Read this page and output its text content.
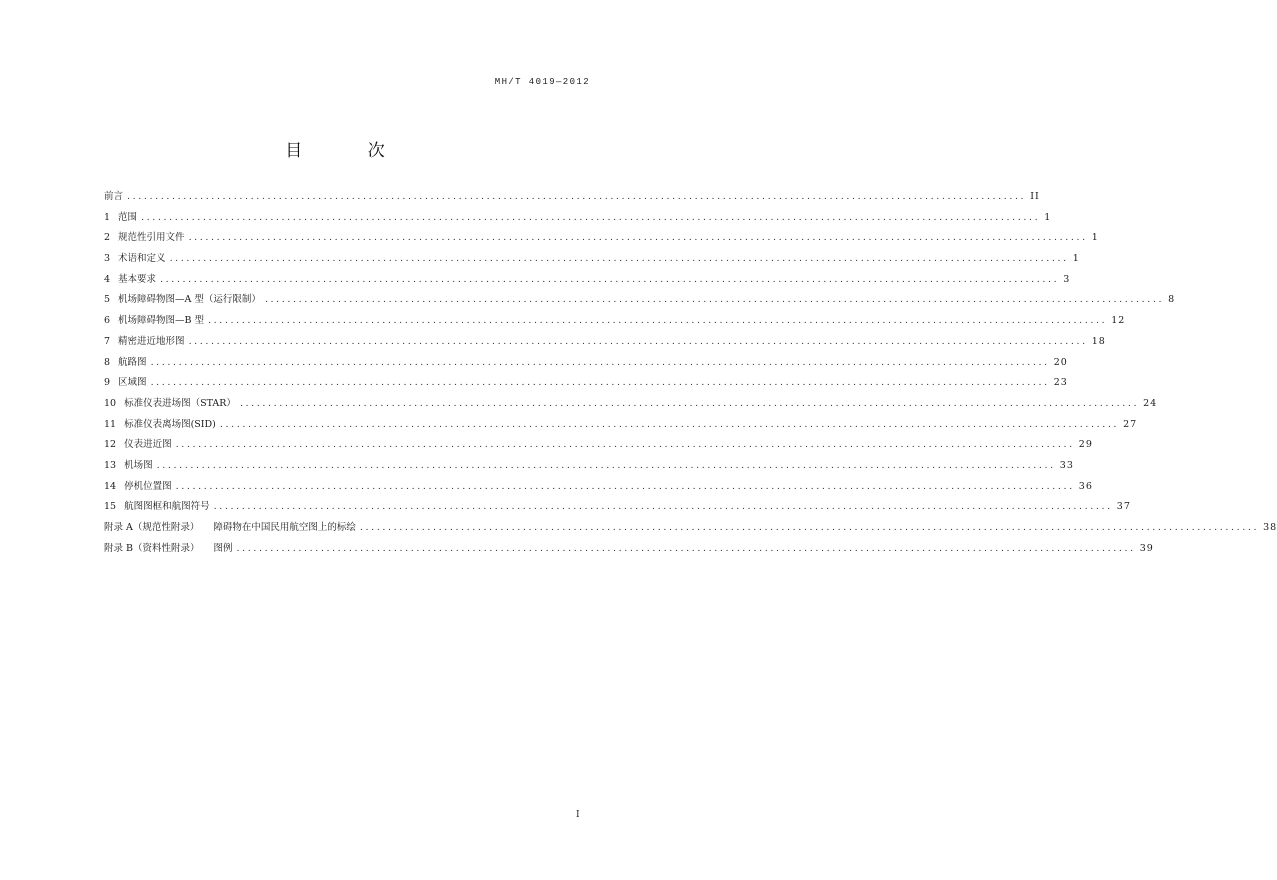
MH/T 4019—2012
目 次
前言 ................................................................................................................................................................ II
1 范围 ................................................................................................................................................................ 1
2 规范性引用文件 ................................................................................................................................................................ 1
3 术语和定义 ................................................................................................................................................................ 1
4 基本要求 ................................................................................................................................................................ 3
5 机场障碍物图—A 型（运行限制） ................................................................................................................................................................ 8
6 机场障碍物图—B 型 ................................................................................................................................................................ 12
7 精密进近地形图 ................................................................................................................................................................ 18
8 航路图 ................................................................................................................................................................ 20
9 区域图 ................................................................................................................................................................ 23
10 标准仪表进场图（STAR） ................................................................................................................................................................ 24
11 标准仪表离场图(SID) ................................................................................................................................................................ 27
12 仪表进近图 ................................................................................................................................................................ 29
13 机场图 ................................................................................................................................................................ 33
14 停机位置图 ................................................................................................................................................................ 36
15 航图图框和航图符号 ................................................................................................................................................................ 37
附录 A（规范性附录） 障碍物在中国民用航空图上的标绘 ................................................................................................................................................................ 38
附录 B（资料性附录） 图例 ................................................................................................................................................................ 39
I
